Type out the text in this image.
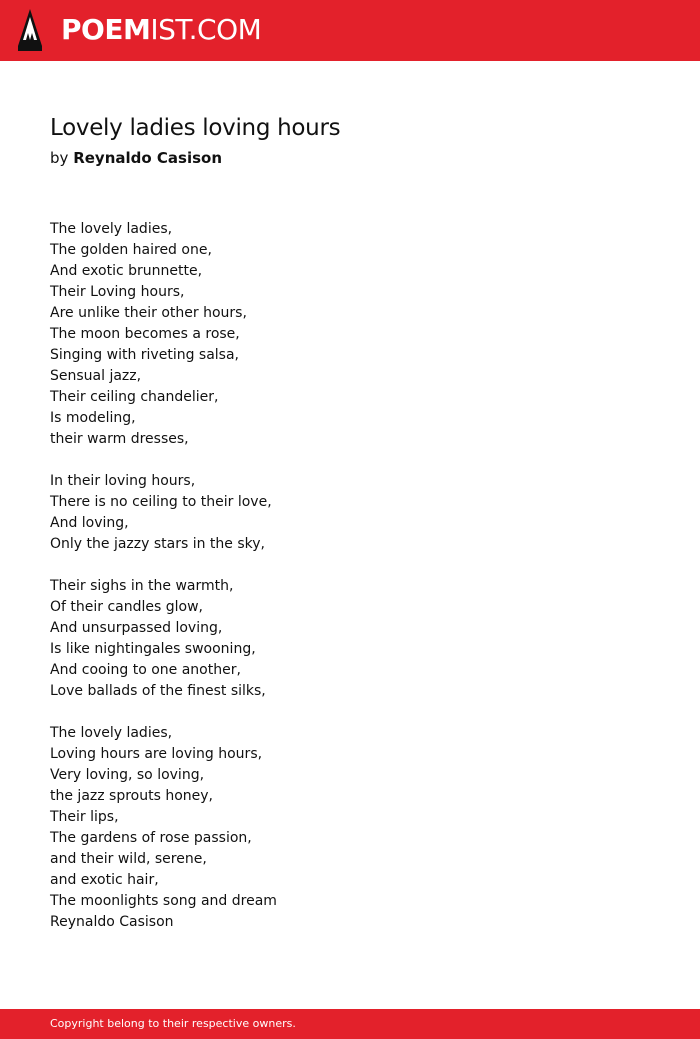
POEMIST.COM
Lovely ladies loving hours
by Reynaldo Casison
The lovely ladies,
The golden haired one,
And exotic brunnette,
Their Loving hours,
Are unlike their other hours,
The moon becomes a rose,
Singing with riveting salsa,
Sensual jazz,
Their ceiling chandelier,
Is modeling,
their warm dresses,
In their loving hours,
There is no ceiling to their love,
And loving,
Only the jazzy stars in the sky,
Their sighs in the warmth,
Of their candles glow,
And unsurpassed loving,
Is like nightingales swooning,
And cooing to one another,
Love ballads of the finest silks,
The lovely ladies,
Loving hours are loving hours,
Very loving, so loving,
the jazz sprouts honey,
Their lips,
The gardens of rose passion,
and their wild, serene,
and exotic hair,
The moonlights song and dream
Reynaldo Casison
Copyright belong to their respective owners.
